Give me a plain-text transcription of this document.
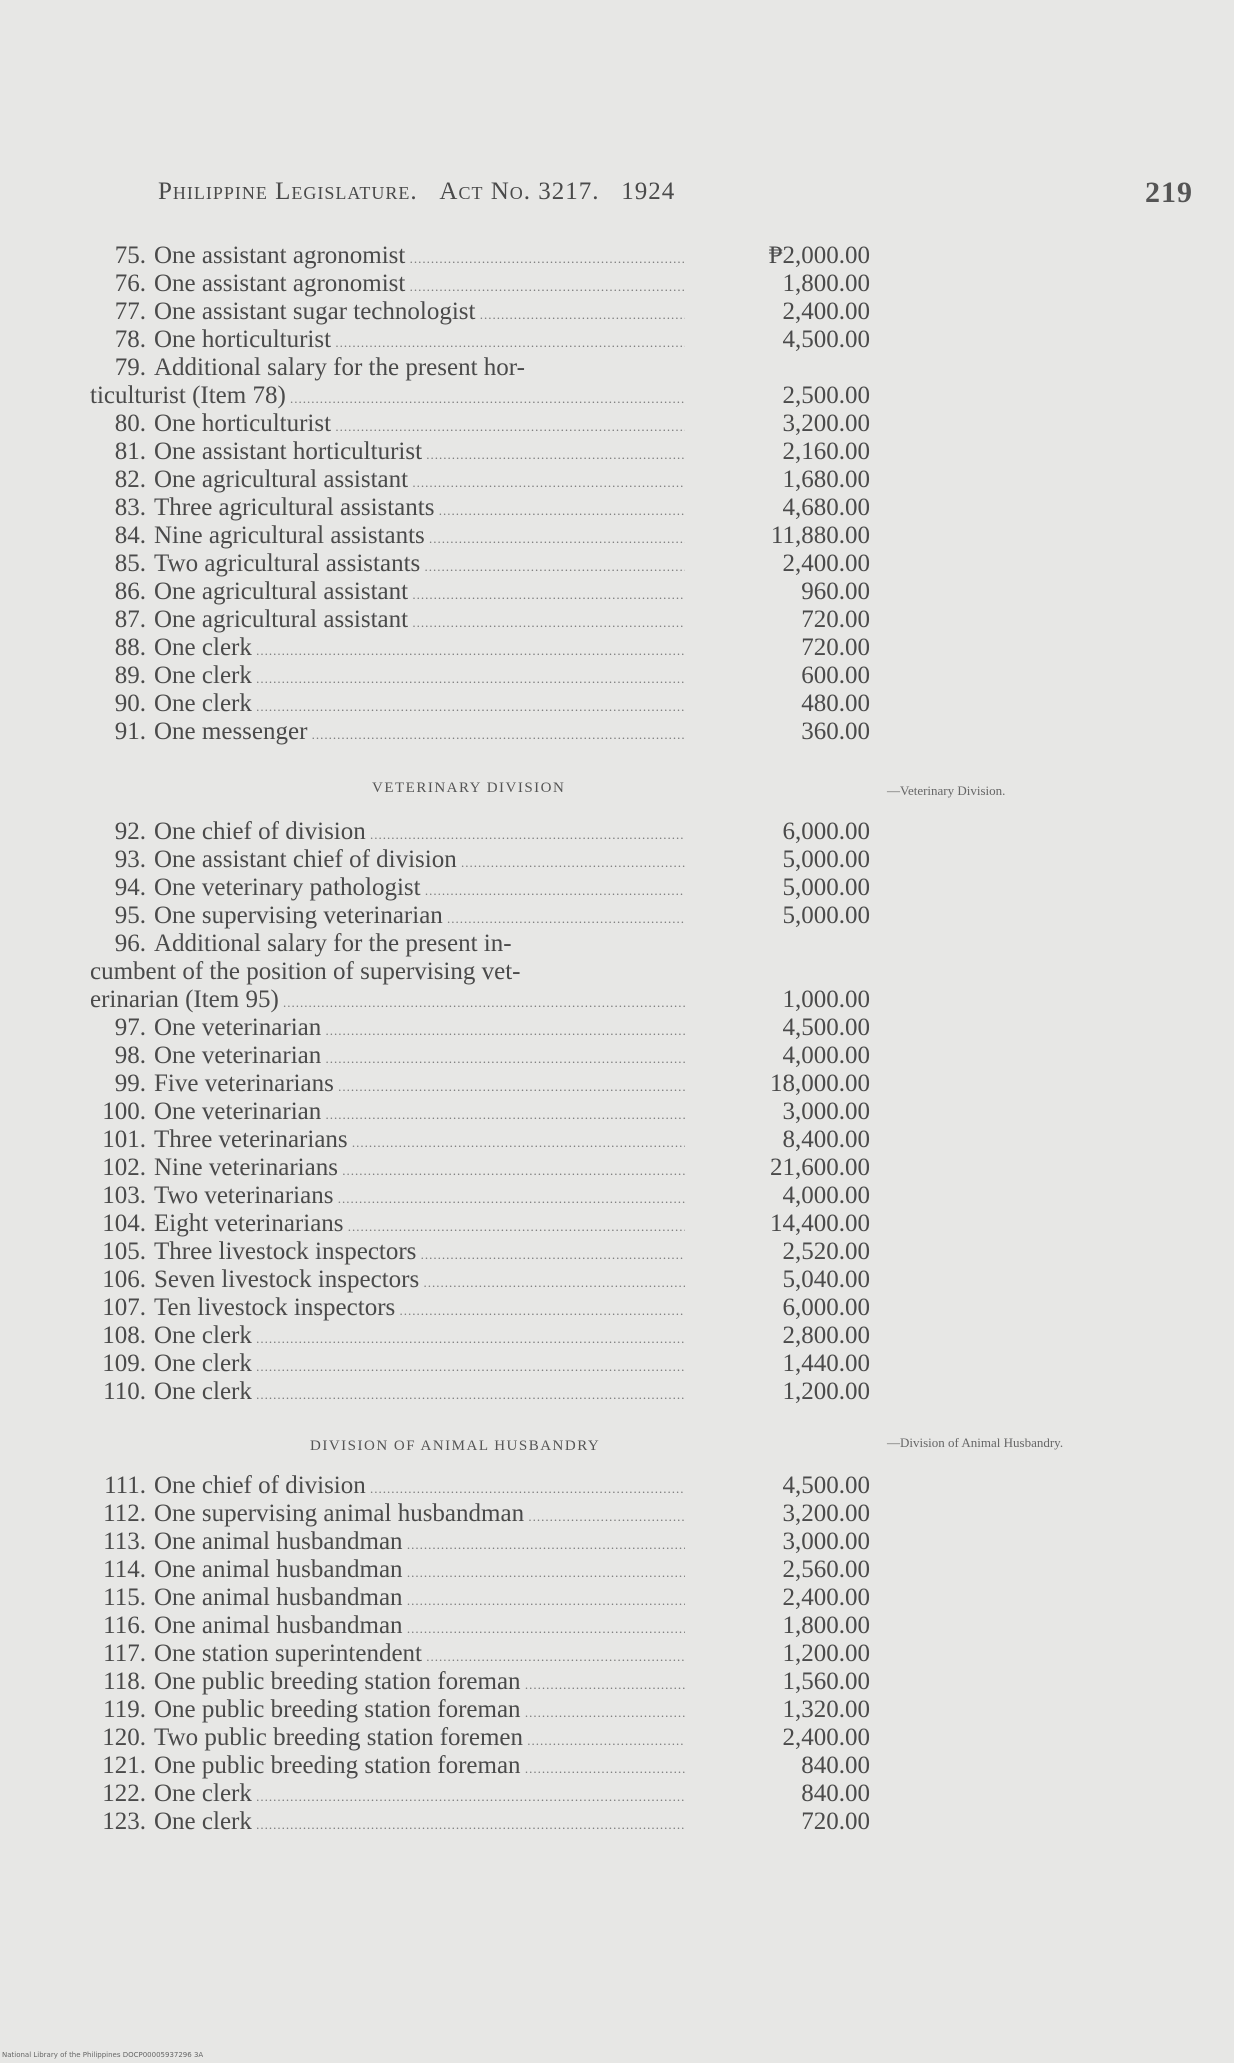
Philippine Legislature. Act No. 3217. 1924	219
75. One assistant agronomist .....	₱2,000.00
76. One assistant agronomist .....	1,800.00
77. One assistant sugar technologist .....	2,400.00
78. One horticulturist .....	4,500.00
79. Additional salary for the present hor-
ticulturist (Item 78) .....	2,500.00
80. One horticulturist .....	3,200.00
81. One assistant horticulturist .....	2,160.00
82. One agricultural assistant .....	1,680.00
83. Three agricultural assistants .....	4,680.00
84. Nine agricultural assistants .....	11,880.00
85. Two agricultural assistants .....	2,400.00
86. One agricultural assistant .....	960.00
87. One agricultural assistant .....	720.00
88. One clerk .....	720.00
89. One clerk .....	600.00
90. One clerk .....	480.00
91. One messenger .....	360.00
VETERINARY DIVISION	—Veterinary Division.
92. One chief of division .....	6,000.00
93. One assistant chief of division .....	5,000.00
94. One veterinary pathologist .....	5,000.00
95. One supervising veterinarian .....	5,000.00
96. Additional salary for the present in-
cumbent of the position of supervising vet-
erinarian (Item 95) .....	1,000.00
97. One veterinarian .....	4,500.00
98. One veterinarian .....	4,000.00
99. Five veterinarians .....	18,000.00
100. One veterinarian .....	3,000.00
101. Three veterinarians .....	8,400.00
102. Nine veterinarians .....	21,600.00
103. Two veterinarians .....	4,000.00
104. Eight veterinarians .....	14,400.00
105. Three livestock inspectors .....	2,520.00
106. Seven livestock inspectors .....	5,040.00
107. Ten livestock inspectors .....	6,000.00
108. One clerk .....	2,800.00
109. One clerk .....	1,440.00
110. One clerk .....	1,200.00
DIVISION OF ANIMAL HUSBANDRY	—Division of Animal Husbandry.
111. One chief of division .....	4,500.00
112. One supervising animal husbandman .....	3,200.00
113. One animal husbandman .....	3,000.00
114. One animal husbandman .....	2,560.00
115. One animal husbandman .....	2,400.00
116. One animal husbandman .....	1,800.00
117. One station superintendent .....	1,200.00
118. One public breeding station foreman .....	1,560.00
119. One public breeding station foreman .....	1,320.00
120. Two public breeding station foremen .....	2,400.00
121. One public breeding station foreman .....	840.00
122. One clerk .....	840.00
123. One clerk .....	720.00
National Library of the Philippines DOCP00005937296 3A
